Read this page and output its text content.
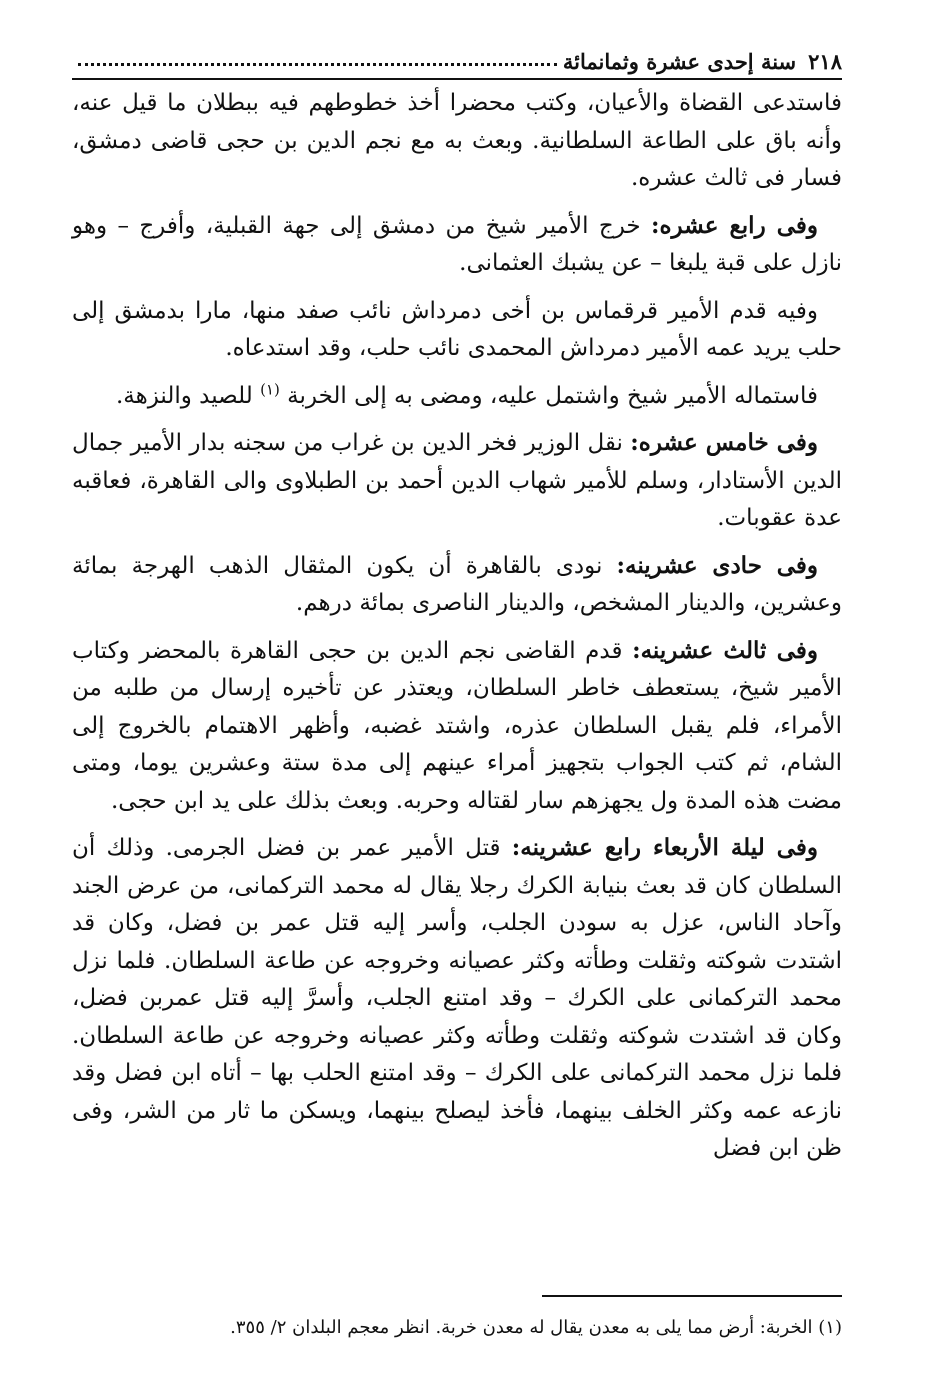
٢١٨
سنة إحدى عشرة وثمانمائة

فاستدعى القضاة والأعيان، وكتب محضرا أخذ خطوطهم فيه ببطلان ما قيل عنه، وأنه باق على الطاعة السلطانية. وبعث به مع نجم الدين بن حجى قاضى دمشق، فسار فى ثالث عشره.

وفى رابع عشره: خرج الأمير شيخ من دمشق إلى جهة القبلية، وأفرج – وهو نازل على قبة يلبغا – عن يشبك العثمانى.

وفيه قدم الأمير قرقماس بن أخى دمرداش نائب صفد منها، مارا بدمشق إلى حلب يريد عمه الأمير دمرداش المحمدى نائب حلب، وقد استدعاه.

فاستماله الأمير شيخ واشتمل عليه، ومضى به إلى الخربة $^{(١)}$ للصيد والنزهة.

وفى خامس عشره: نقل الوزير فخر الدين بن غراب من سجنه بدار الأمير جمال الدين الأستادار، وسلم للأمير شهاب الدين أحمد بن الطبلاوى والى القاهرة، فعاقبه عدة عقوبات.

وفى حادى عشرينه: نودى بالقاهرة أن يكون المثقال الذهب الهرجة بمائة وعشرين، والدينار المشخص، والدينار الناصرى بمائة درهم.

وفى ثالث عشرينه: قدم القاضى نجم الدين بن حجى القاهرة بالمحضر وكتاب الأمير شيخ، يستعطف خاطر السلطان، ويعتذر عن تأخيره إرسال من طلبه من الأمراء، فلم يقبل السلطان عذره، واشتد غضبه، وأظهر الاهتمام بالخروج إلى الشام، ثم كتب الجواب بتجهيز أمراء عينهم إلى مدة ستة وعشرين يوما، ومتى مضت هذه المدة ول يجهزهم سار لقتاله وحربه. وبعث بذلك على يد ابن حجى.

وفى ليلة الأربعاء رابع عشرينه: قتل الأمير عمر بن فضل الجرمى. وذلك أن السلطان كان قد بعث بنيابة الكرك رجلا يقال له محمد التركمانى، من عرض الجند وآحاد الناس، عزل به سودن الجلب، وأسر إليه قتل عمر بن فضل، وكان قد اشتدت شوكته وثقلت وطأته وكثر عصيانه وخروجه عن طاعة السلطان. فلما نزل محمد التركمانى على الكرك – وقد امتنع الجلب، وأسرَّ إليه قتل عمربن فضل، وكان قد اشتدت شوكته وثقلت وطأته وكثر عصيانه وخروجه عن طاعة السلطان. فلما نزل محمد التركمانى على الكرك – وقد امتنع الحلب بها – أتاه ابن فضل وقد نازعه عمه وكثر الخلف بينهما، فأخذ ليصلح بينهما، ويسكن ما ثار من الشر، وفى ظن ابن فضل

(١) الخربة: أرض مما يلى به معدن يقال له معدن خربة. انظر معجم البلدان ٢/ ٣٥٥.
